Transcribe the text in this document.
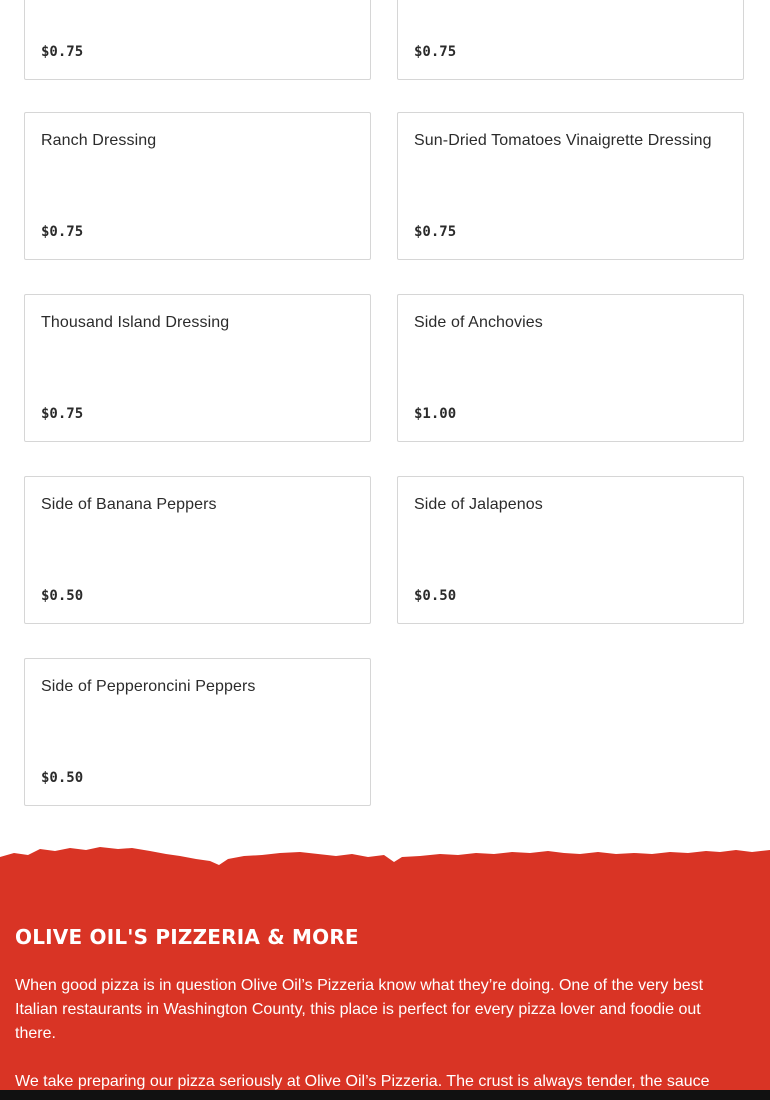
$0.75	$0.75
Ranch Dressing
$0.75
Sun-Dried Tomatoes Vinaigrette Dressing
$0.75
Thousand Island Dressing
$0.75
Side of Anchovies
$1.00
Side of Banana Peppers
$0.50
Side of Jalapenos
$0.50
Side of Pepperoncini Peppers
$0.50
OLIVE OIL'S PIZZERIA & MORE
When good pizza is in question Olive Oil’s Pizzeria know what they’re doing. One of the very best Italian restaurants in Washington County, this place is perfect for every pizza lover and foodie out there.
We take preparing our pizza seriously at Olive Oil’s Pizzeria. The crust is always tender, the sauce
